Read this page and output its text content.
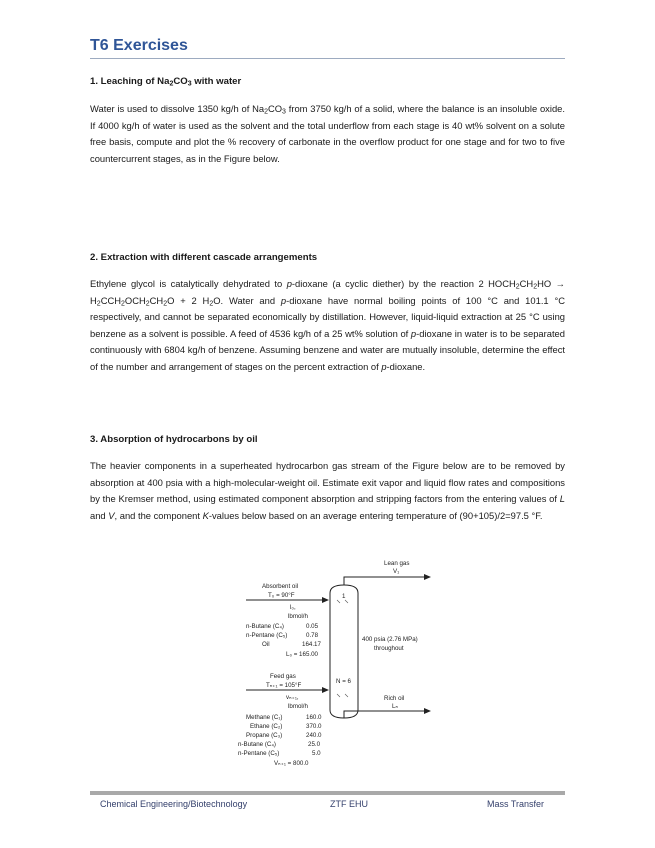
T6 Exercises

1. Leaching of $Na_2CO_3$ with water

Water is used to dissolve 1350 kg/h of $Na_2CO_3$ from 3750 kg/h of a solid, where the balance is an insoluble oxide. If 4000 kg/h of water is used as the solvent and the total underflow from each stage is 40 wt% solvent on a solute free basis, compute and plot the % recovery of carbonate in the overflow product for one stage and for two to five countercurrent stages, as in the Figure below.

2. Extraction with different cascade arrangements

Ethylene glycol is catalytically dehydrated to p-dioxane (a cyclic diether) by the reaction 2 $HOCH_2CH_2HO \to H_2CCH_2OCH_2CH_2O + 2$ $H_2O$. Water and p-dioxane have normal boiling points of 100 °C and 101.1 °C respectively, and cannot be separated economically by distillation. However, liquid-liquid extraction at 25 °C using benzene as a solvent is possible. A feed of 4536 kg/h of a 25 wt% solution of p-dioxane in water is to be separated continuously with 6804 kg/h of benzene. Assuming benzene and water are mutually insoluble, determine the effect of the number and arrangement of stages on the percent extraction of p-dioxane.

3. Absorption of hydrocarbons by oil

The heavier components in a superheated hydrocarbon gas stream of the Figure below are to be removed by absorption at 400 psia with a high-molecular-weight oil. Estimate exit vapor and liquid flow rates and compositions by the Kremser method, using estimated component absorption and stripping factors from the entering values of L and V, and the component K-values below based on an average entering temperature of (90+105)/2=97.5 °F.

Absorbent oil
T₀ = 90°F
l₀,
lbmol/h
n-Butane (C₄)	0.05
n-Pentane (C₅)	0.78
Oil	164.17
L₀ = 165.00
1
N = 6
400 psia (2.76 MPa)
throughout
Lean gas
V₁
Rich oil
Lₙ
Feed gas
Tₙ₊₁ = 105°F
vₙ₊₁,
lbmol/h
Methane (C₁)	160.0
Ethane (C₂)	370.0
Propane (C₃)	240.0
n-Butane (C₄)	25.0
n-Pentane (C₅)	5.0
Vₙ₊₁ = 800.0
Chemical Engineering/Biotechnology	ZTF EHU	Mass Transfer
